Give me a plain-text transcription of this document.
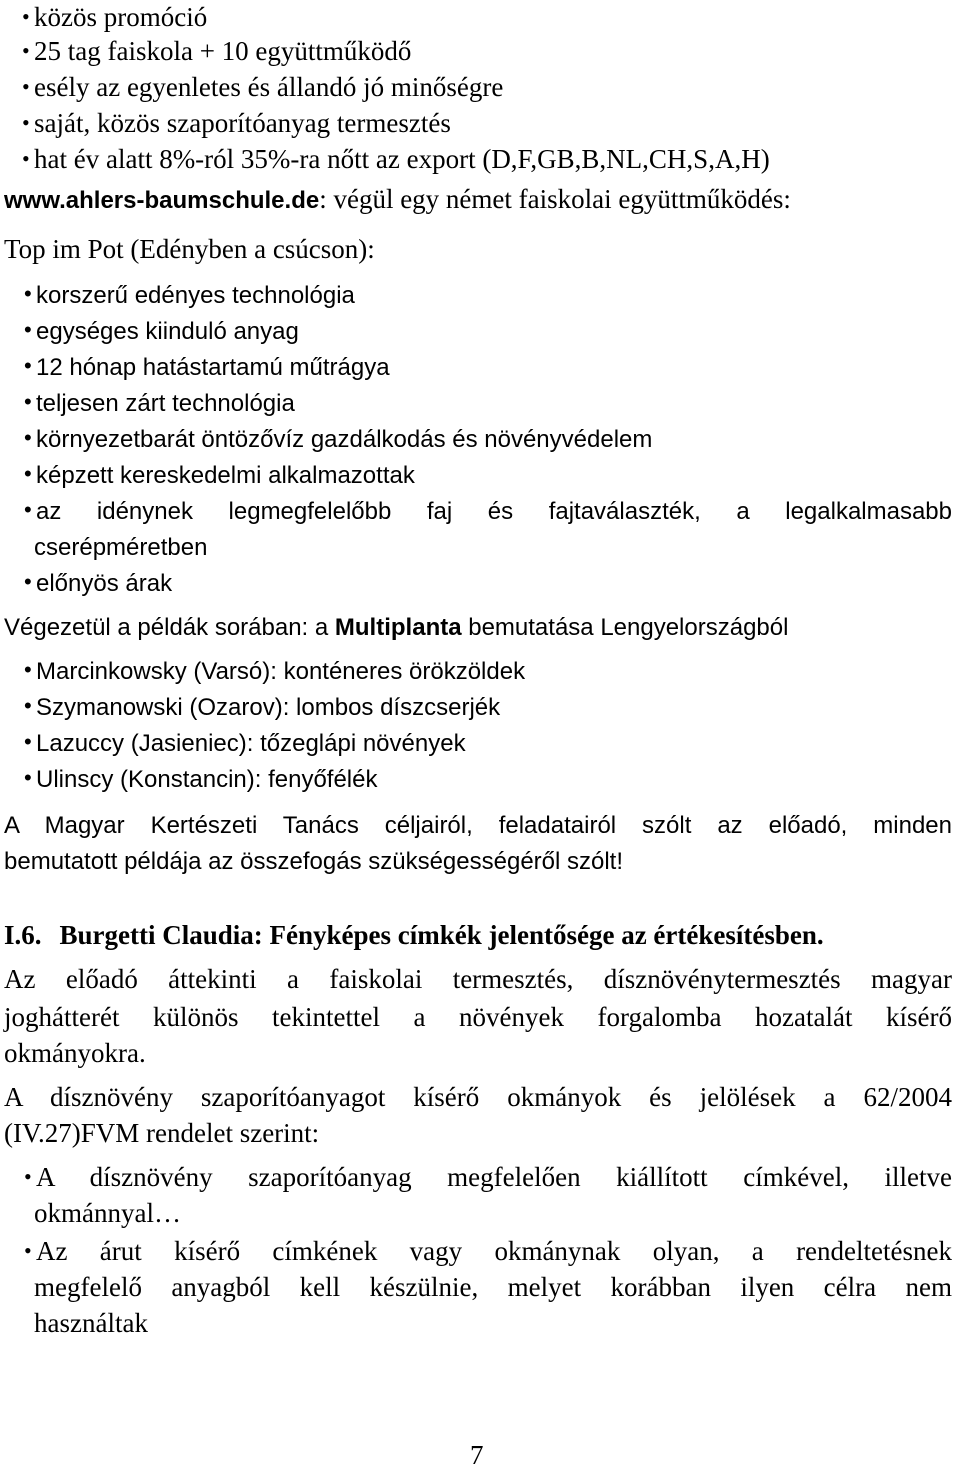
•közös promóció
•25 tag faiskola + 10 együttműködő
•esély az egyenletes és állandó jó minőségre
•saját, közös szaporítóanyag termesztés
•hat év alatt 8%-ról 35%-ra nőtt az export (D,F,GB,B,NL,CH,S,A,H)
www.ahlers-baumschule.de: végül egy német faiskolai együttműködés:
Top im Pot (Edényben a csúcson):
•korszerű edényes technológia
•egységes kiinduló anyag
•12 hónap hatástartamú műtrágya
•teljesen zárt technológia
•környezetbarát öntözővíz gazdálkodás és növényvédelem
•képzett kereskedelmi alkalmazottak
•az idénynek legmegfelelőbb faj és fajtaválaszték, a legalkalmasabb
cserépméretben
•előnyös árak
Végezetül a példák sorában: a Multiplanta bemutatása Lengyelországból
•Marcinkowsky (Varsó): konténeres örökzöldek
•Szymanowski (Ozarov): lombos díszcserjék
•Lazuccy (Jasieniec): tőzeglápi növények
•Ulinscy (Konstancin): fenyőfélék
A Magyar Kertészeti Tanács céljairól, feladatairól szólt az előadó, minden
bemutatott példája az összefogás szükségességéről szólt!
I.6. Burgetti Claudia: Fényképes címkék jelentősége az értékesítésben.
Az előadó áttekinti a faiskolai termesztés, dísznövénytermesztés magyar
joghátterét különös tekintettel a növények forgalomba hozatalát kísérő
okmányokra.
A dísznövény szaporítóanyagot kísérő okmányok és jelölések a 62/2004
(IV.27)FVM rendelet szerint:
•A dísznövény szaporítóanyag megfelelően kiállított címkével, illetve
okmánnyal…
•Az árut kísérő címkének vagy okmánynak olyan, a rendeltetésnek
megfelelő anyagból kell készülnie, melyet korábban ilyen célra nem
használtak
7
